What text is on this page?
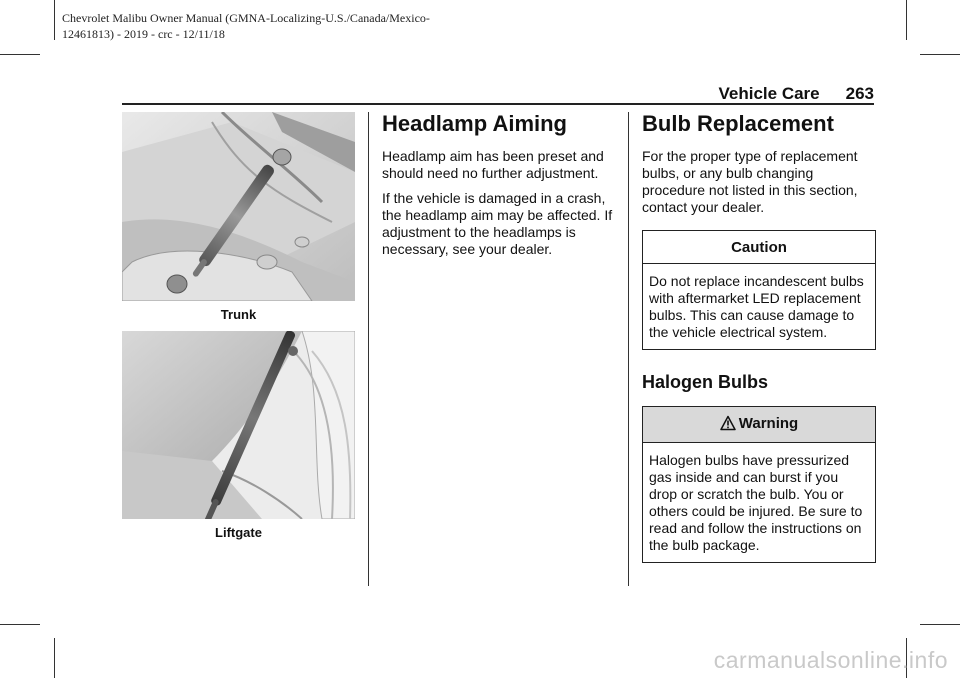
Chevrolet Malibu Owner Manual (GMNA-Localizing-U.S./Canada/Mexico-
12461813) - 2019 - crc - 12/11/18
Vehicle Care 263
Trunk
Liftgate
Headlamp Aiming

Headlamp aim has been preset and should need no further adjustment.

If the vehicle is damaged in a crash, the headlamp aim may be affected. If adjustment to the headlamps is necessary, see your dealer.

Bulb Replacement

For the proper type of replacement bulbs, or any bulb changing procedure not listed in this section, contact your dealer.

Caution

Do not replace incandescent bulbs with aftermarket LED replacement bulbs. This can cause damage to the vehicle electrical system.

Halogen Bulbs
Warning

Halogen bulbs have pressurized gas inside and can burst if you drop or scratch the bulb. You or others could be injured. Be sure to read and follow the instructions on the bulb package.

carmanualsonline.info
